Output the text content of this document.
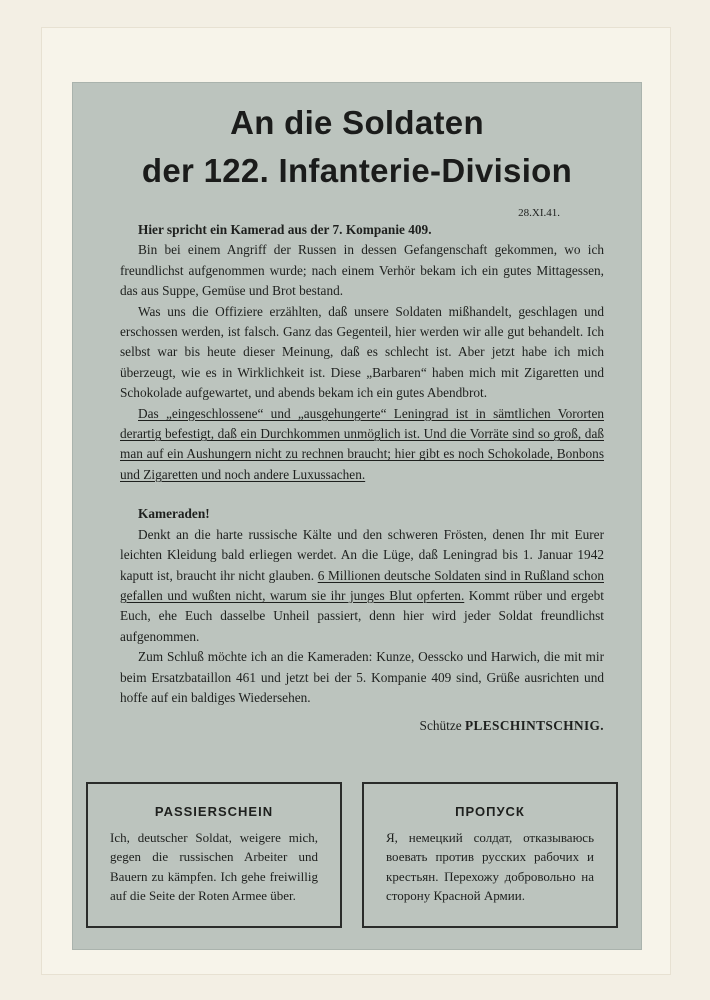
An die Soldaten
der 122. Infanterie-Division
28.XI.41.

Hier spricht ein Kamerad aus der 7. Kompanie 409.

Bin bei einem Angriff der Russen in dessen Gefangenschaft gekommen, wo ich freundlichst aufgenommen wurde; nach einem Verhör bekam ich ein gutes Mittagessen, das aus Suppe, Gemüse und Brot bestand.

Was uns die Offiziere erzählten, daß unsere Soldaten mißhandelt, geschlagen und erschossen werden, ist falsch. Ganz das Gegenteil, hier werden wir alle gut behandelt. Ich selbst war bis heute dieser Meinung, daß es schlecht ist. Aber jetzt habe ich mich überzeugt, wie es in Wirklichkeit ist. Diese „Barbaren“ haben mich mit Zigaretten und Schokolade aufgewartet, und abends bekam ich ein gutes Abendbrot.

Das „eingeschlossene“ und „ausgehungerte“ Leningrad ist in sämtlichen Vororten derartig befestigt, daß ein Durchkommen unmöglich ist. Und die Vorräte sind so groß, daß man auf ein Aushungern nicht zu rechnen braucht; hier gibt es noch Schokolade, Bonbons und Zigaretten und noch andere Luxussachen.

Kameraden!

Denkt an die harte russische Kälte und den schweren Frösten, denen Ihr mit Eurer leichten Kleidung bald erliegen werdet. An die Lüge, daß Leningrad bis 1. Januar 1942 kaputt ist, braucht ihr nicht glauben. 6 Millionen deutsche Soldaten sind in Rußland schon gefallen und wußten nicht, warum sie ihr junges Blut opferten. Kommt rüber und ergebt Euch, ehe Euch dasselbe Unheil passiert, denn hier wird jeder Soldat freundlichst aufgenommen.

Zum Schluß möchte ich an die Kameraden: Kunze, Oesscko und Harwich, die mit mir beim Ersatzbataillon 461 und jetzt bei der 5. Kompanie 409 sind, Grüße ausrichten und hoffe auf ein baldiges Wiedersehen.

Schütze PLESCHINTSCHNIG.

PASSIERSCHEIN
Ich, deutscher Soldat, weigere mich, gegen die russischen Arbeiter und Bauern zu kämpfen. Ich gehe freiwillig auf die Seite der Roten Armee über.
ПРОПУСК
Я, немецкий солдат, отказываюсь воевать против русских рабочих и крестьян. Перехожу добровольно на сторону Красной Армии.
